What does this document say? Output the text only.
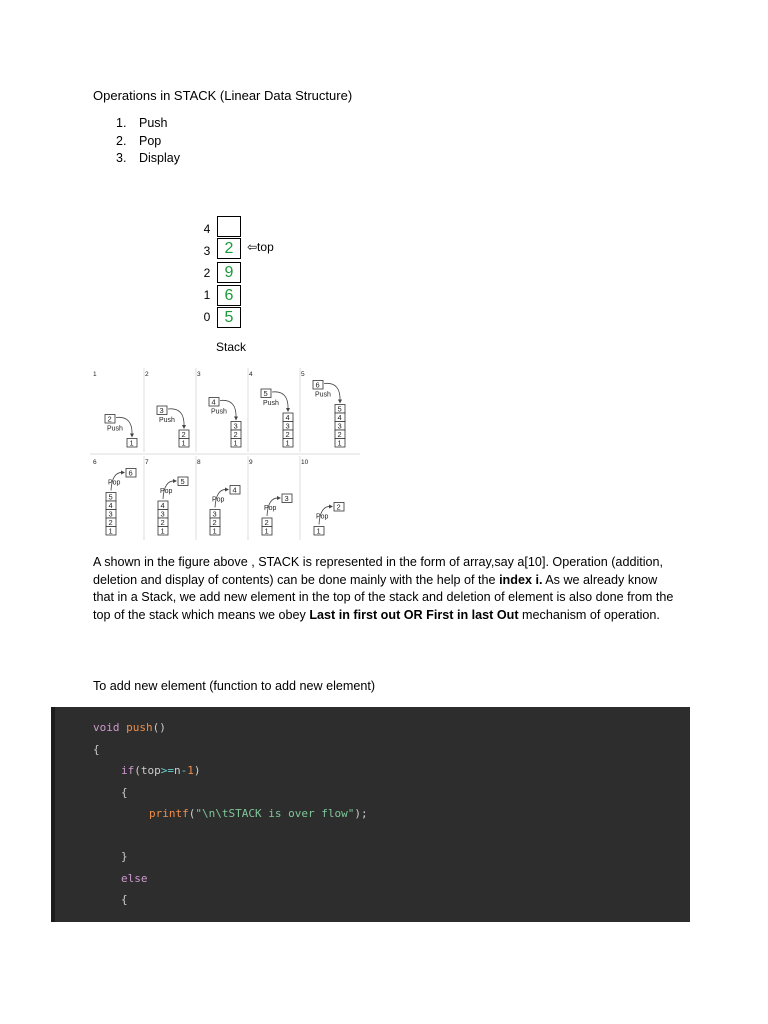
Operations in STACK (Linear Data Structure)
1. Push
2. Pop
3. Display
4
3
2
1
0
2
9
6
5
⇦top
Stack
1
1
2
Push
2
2
1
3
Push
3
3
2
1
4
Push
4
4
3
2
1
5
Push
5
5
4
3
2
1
6
Push
6
5
4
3
2
1
6
Pop
7
4
3
2
1
5
Pop
8
3
2
1
4
Pop
9
2
1
3
Pop
10
1
2
Pop
A shown in the figure above , STACK is represented in the form of array,say a[10]. Operation (addition, deletion and display of contents) can be done mainly with the help of the index i. As we already know that in a Stack, we add new element in the top of the stack and deletion of element is also done from the top of the stack which means we obey Last in first out OR First in last Out mechanism of operation.
To add new element (function to add new element)
void push()
{
if(top>=n-1)
{
printf("\n\tSTACK is over flow");
}
else
{
